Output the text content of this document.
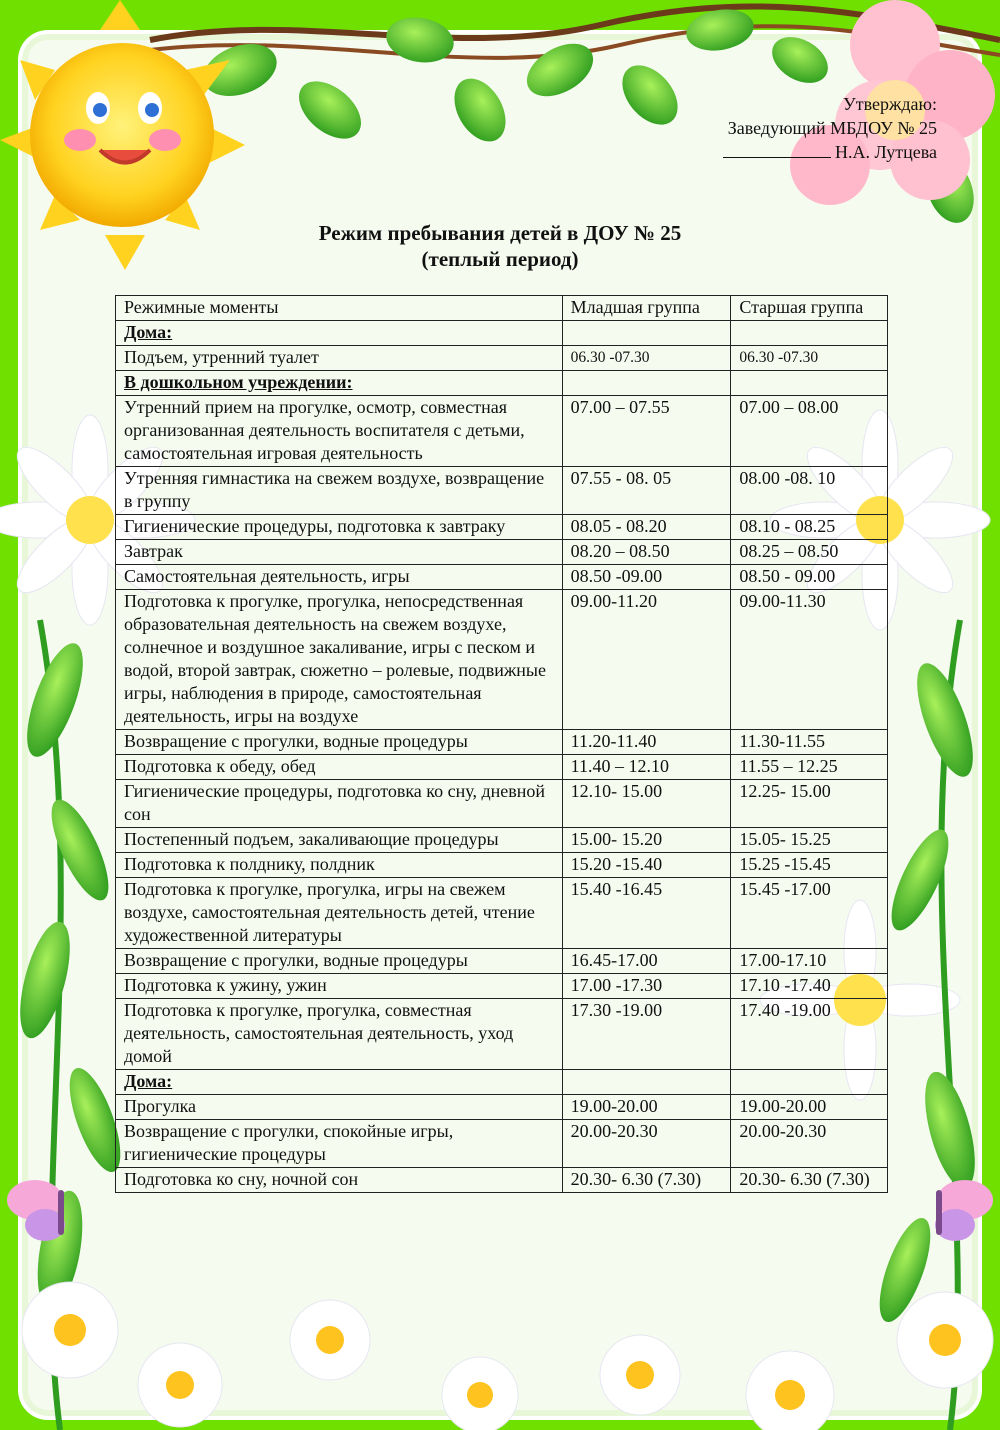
Утверждаю:
Заведующий МБДОУ № 25
Н.А. Лутцева
Режим пребывания детей в ДОУ № 25
(теплый период)
Режимные моменты	Младшая группа	Старшая группа
Дома:		
Подъем, утренний туалет	06.30 -07.30	06.30 -07.30
В дошкольном учреждении:		
Утренний прием на прогулке, осмотр, совместная организованная деятельность воспитателя с детьми, самостоятельная игровая деятельность	07.00 – 07.55	07.00 – 08.00
Утренняя гимнастика на свежем воздухе, возвращение в группу	07.55 - 08. 05	08.00 -08. 10
Гигиенические процедуры, подготовка к завтраку	08.05 - 08.20	08.10 - 08.25
Завтрак	08.20 – 08.50	08.25 – 08.50
Самостоятельная деятельность, игры	08.50 -09.00	08.50 - 09.00
Подготовка к прогулке, прогулка, непосредственная образовательная деятельность на свежем воздухе, солнечное и воздушное закаливание, игры с песком и водой, второй завтрак, сюжетно – ролевые, подвижные игры, наблюдения в природе, самостоятельная деятельность, игры на воздухе	09.00-11.20	09.00-11.30
Возвращение с прогулки, водные процедуры	11.20-11.40	11.30-11.55
Подготовка к обеду, обед	11.40 – 12.10	11.55 – 12.25
Гигиенические процедуры, подготовка ко сну, дневной сон	12.10- 15.00	12.25- 15.00
Постепенный подъем, закаливающие процедуры	15.00- 15.20	15.05- 15.25
Подготовка к полднику, полдник	15.20 -15.40	15.25 -15.45
Подготовка к прогулке, прогулка, игры на свежем воздухе, самостоятельная деятельность детей, чтение художественной литературы	15.40 -16.45	15.45 -17.00
Возвращение с прогулки, водные процедуры	16.45-17.00	17.00-17.10
Подготовка к ужину, ужин	17.00 -17.30	17.10 -17.40
Подготовка к прогулке, прогулка, совместная деятельность, самостоятельная деятельность, уход домой	17.30 -19.00	17.40 -19.00
Дома:		
Прогулка	19.00-20.00	19.00-20.00
Возвращение с прогулки, спокойные игры, гигиенические процедуры	20.00-20.30	20.00-20.30
Подготовка ко сну, ночной сон	20.30- 6.30 (7.30)	20.30- 6.30 (7.30)
